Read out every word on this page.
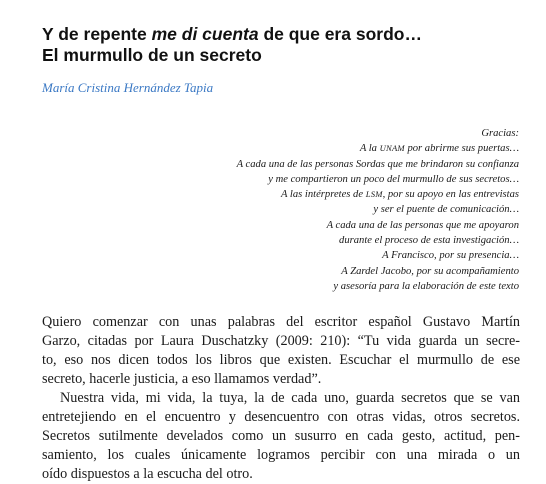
Y de repente me di cuenta de que era sordo…
El murmullo de un secreto
María Cristina Hernández Tapia
Gracias:
A la UNAM por abrirme sus puertas…
A cada una de las personas Sordas que me brindaron su confianza
y me compartieron un poco del murmullo de sus secretos…
A las intérpretes de LSM, por su apoyo en las entrevistas
y ser el puente de comunicación…
A cada una de las personas que me apoyaron
durante el proceso de esta investigación…
A Francisco, por su presencia…
A Zardel Jacobo, por su acompañamiento
y asesoría para la elaboración de este texto
Quiero comenzar con unas palabras del escritor español Gustavo Martín
Garzo, citadas por Laura Duschatzky (2009: 210): “Tu vida guarda un secre-
to, eso nos dicen todos los libros que existen. Escuchar el murmullo de ese
secreto, hacerle justicia, a eso llamamos verdad”.
Nuestra vida, mi vida, la tuya, la de cada uno, guarda secretos que se van
entretejiendo en el encuentro y desencuentro con otras vidas, otros secretos.
Secretos sutilmente develados como un susurro en cada gesto, actitud, pen-
samiento, los cuales únicamente logramos percibir con una mirada o un
oído dispuestos a la escucha del otro.
